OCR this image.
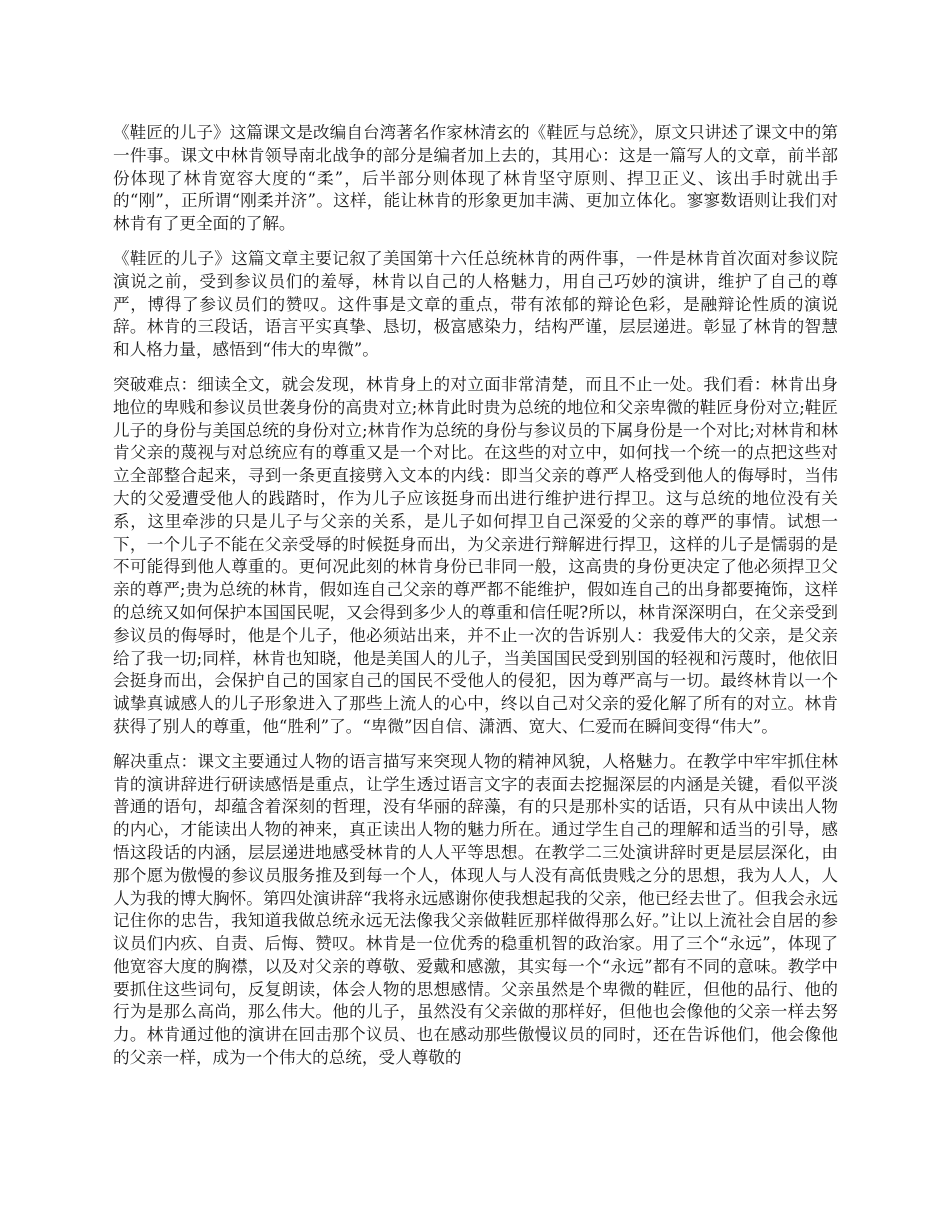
《鞋匠的儿子》这篇课文是改编自台湾著名作家林清玄的《鞋匠与总统》，原文只讲述了课文中的第一件事。课文中林肯领导南北战争的部分是编者加上去的，其用心：这是一篇写人的文章，前半部份体现了林肯宽容大度的“柔”，后半部分则体现了林肯坚守原则、捍卫正义、该出手时就出手的“刚”，正所谓“刚柔并济”。这样，能让林肯的形象更加丰满、更加立体化。寥寥数语则让我们对林肯有了更全面的了解。

《鞋匠的儿子》这篇文章主要记叙了美国第十六任总统林肯的两件事，一件是林肯首次面对参议院演说之前，受到参议员们的羞辱，林肯以自己的人格魅力，用自己巧妙的演讲，维护了自己的尊严，博得了参议员们的赞叹。这件事是文章的重点，带有浓郁的辩论色彩，是融辩论性质的演说辞。林肯的三段话，语言平实真挚、恳切，极富感染力，结构严谨，层层递进。彰显了林肯的智慧和人格力量，感悟到“伟大的卑微”。

突破难点：细读全文，就会发现，林肯身上的对立面非常清楚，而且不止一处。我们看：林肯出身地位的卑贱和参议员世袭身份的高贵对立;林肯此时贵为总统的地位和父亲卑微的鞋匠身份对立;鞋匠儿子的身份与美国总统的身份对立;林肯作为总统的身份与参议员的下属身份是一个对比;对林肯和林肯父亲的蔑视与对总统应有的尊重又是一个对比。在这些的对立中，如何找一个统一的点把这些对立全部整合起来，寻到一条更直接劈入文本的内线：即当父亲的尊严人格受到他人的侮辱时，当伟大的父爱遭受他人的践踏时，作为儿子应该挺身而出进行维护进行捍卫。这与总统的地位没有关系，这里牵涉的只是儿子与父亲的关系，是儿子如何捍卫自己深爱的父亲的尊严的事情。试想一下，一个儿子不能在父亲受辱的时候挺身而出，为父亲进行辩解进行捍卫，这样的儿子是懦弱的是不可能得到他人尊重的。更何况此刻的林肯身份已非同一般，这高贵的身份更决定了他必须捍卫父亲的尊严;贵为总统的林肯，假如连自己父亲的尊严都不能维护，假如连自己的出身都要掩饰，这样的总统又如何保护本国国民呢，又会得到多少人的尊重和信任呢?所以，林肯深深明白，在父亲受到参议员的侮辱时，他是个儿子，他必须站出来，并不止一次的告诉别人：我爱伟大的父亲，是父亲给了我一切;同样，林肯也知晓，他是美国人的儿子，当美国国民受到别国的轻视和污蔑时，他依旧会挺身而出，会保护自己的国家自己的国民不受他人的侵犯，因为尊严高与一切。最终林肯以一个诚挚真诚感人的儿子形象进入了那些上流人的心中，终以自己对父亲的爱化解了所有的对立。林肯获得了别人的尊重，他“胜利”了。“卑微”因自信、潇洒、宽大、仁爱而在瞬间变得“伟大”。

解决重点：课文主要通过人物的语言描写来突现人物的精神风貌，人格魅力。在教学中牢牢抓住林肯的演讲辞进行研读感悟是重点，让学生透过语言文字的表面去挖掘深层的内涵是关键，看似平淡普通的语句，却蕴含着深刻的哲理，没有华丽的辞藻，有的只是那朴实的话语，只有从中读出人物的内心，才能读出人物的神来，真正读出人物的魅力所在。通过学生自己的理解和适当的引导，感悟这段话的内涵，层层递进地感受林肯的人人平等思想。在教学二三处演讲辞时更是层层深化，由那个愿为傲慢的参议员服务推及到每一个人，体现人与人没有高低贵贱之分的思想，我为人人，人人为我的博大胸怀。第四处演讲辞“我将永远感谢你使我想起我的父亲，他已经去世了。但我会永远记住你的忠告，我知道我做总统永远无法像我父亲做鞋匠那样做得那么好。”让以上流社会自居的参议员们内疚、自责、后悔、赞叹。林肯是一位优秀的稳重机智的政治家。用了三个“永远”，体现了他宽容大度的胸襟，以及对父亲的尊敬、爱戴和感激，其实每一个“永远”都有不同的意味。教学中要抓住这些词句，反复朗读，体会人物的思想感情。父亲虽然是个卑微的鞋匠，但他的品行、他的行为是那么高尚，那么伟大。他的儿子，虽然没有父亲做的那样好，但他也会像他的父亲一样去努力。林肯通过他的演讲在回击那个议员、也在感动那些傲慢议员的同时，还在告诉他们，他会像他的父亲一样，成为一个伟大的总统，受人尊敬的
